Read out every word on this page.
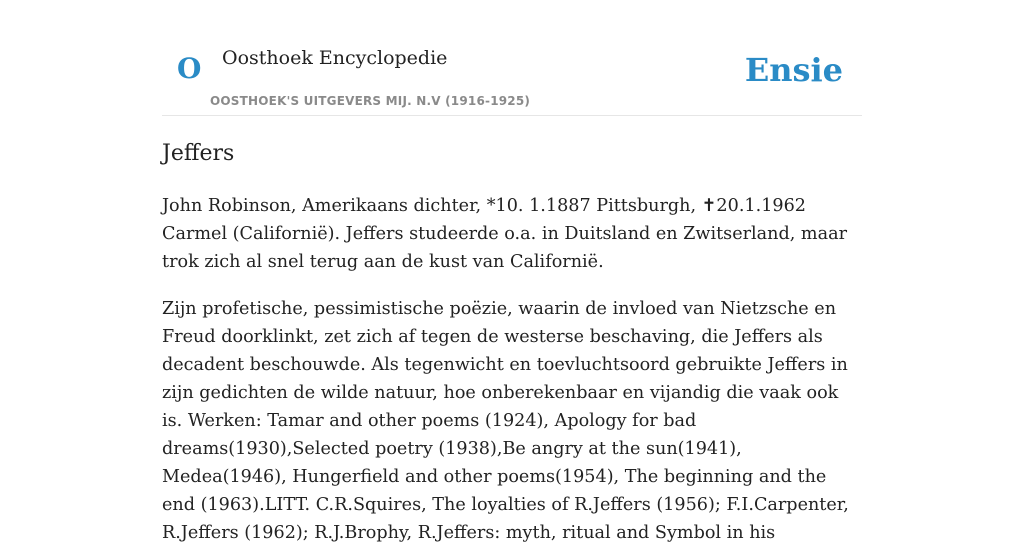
O Oosthoek Encyclopedie
OOSTHOEK'S UITGEVERS MIJ. N.V (1916-1925)
Ensie
Jeffers

John Robinson, Amerikaans dichter, *10. 1.1887 Pittsburgh, ✝20.1.1962 Carmel (Californië). Jeffers studeerde o.a. in Duitsland en Zwitserland, maar trok zich al snel terug aan de kust van Californië.

Zijn profetische, pessimistische poëzie, waarin de invloed van Nietzsche en Freud doorklinkt, zet zich af tegen de westerse beschaving, die Jeffers als decadent beschouwde. Als tegenwicht en toevluchtsoord gebruikte Jeffers in zijn gedichten de wilde natuur, hoe onberekenbaar en vijandig die vaak ook is. Werken: Tamar and other poems (1924), Apology for bad dreams(1930),Selected poetry (1938),Be angry at the sun(1941), Medea(1946), Hungerfield and other poems(1954), The beginning and the end (1963).LITT. C.R.Squires, The loyalties of R.Jeffers (1956); F.I.Carpenter, R.Jeffers (1962); R.J.Brophy, R.Jeffers: myth, ritual and Symbol in his
